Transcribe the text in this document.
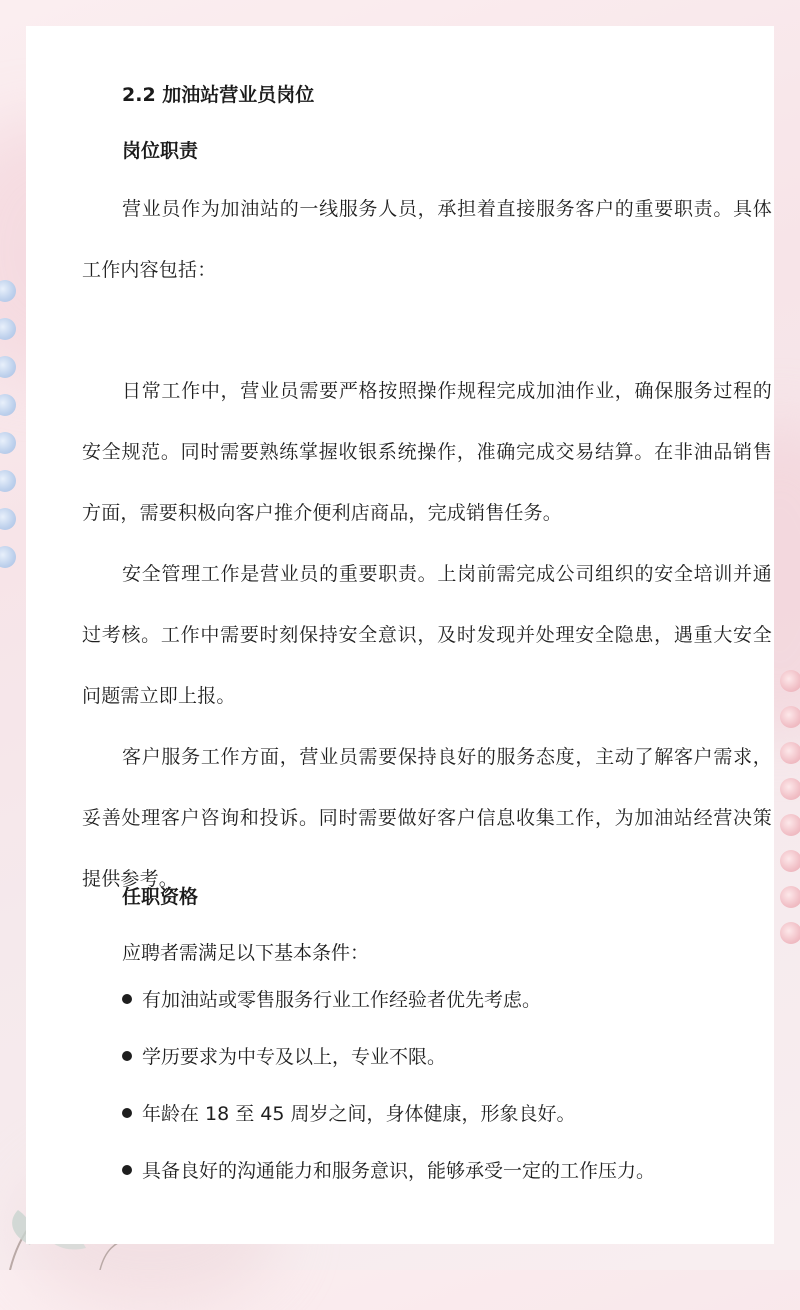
2.2 加油站营业员岗位
岗位职责
营业员作为加油站的一线服务人员，承担着直接服务客户的重要职责。具体工作内容包括：
日常工作中，营业员需要严格按照操作规程完成加油作业，确保服务过程的安全规范。同时需要熟练掌握收银系统操作，准确完成交易结算。在非油品销售方面，需要积极向客户推介便利店商品，完成销售任务。
安全管理工作是营业员的重要职责。上岗前需完成公司组织的安全培训并通过考核。工作中需要时刻保持安全意识，及时发现并处理安全隐患，遇重大安全问题需立即上报。
客户服务工作方面，营业员需要保持良好的服务态度，主动了解客户需求，妥善处理客户咨询和投诉。同时需要做好客户信息收集工作，为加油站经营决策提供参考。
任职资格
应聘者需满足以下基本条件：
有加油站或零售服务行业工作经验者优先考虑。
学历要求为中专及以上，专业不限。
年龄在 18 至 45 周岁之间，身体健康，形象良好。
具备良好的沟通能力和服务意识，能够承受一定的工作压力。
